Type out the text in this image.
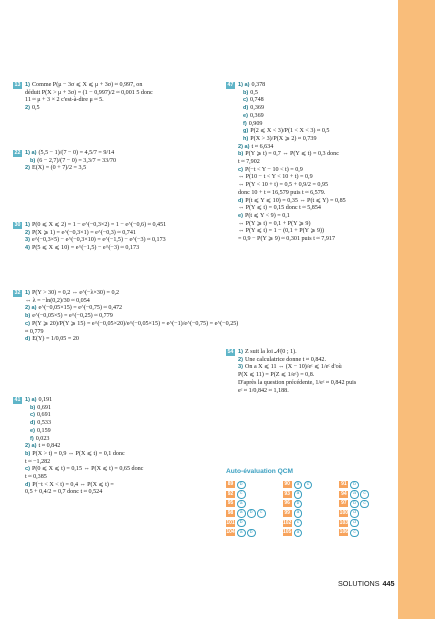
13 1) Comme P(μ − 3σ ⩽ X ⩽ μ + 3σ) ≈ 0,997, on
déduit P(X > μ + 3σ) = (1 − 0,997)/2 ≈ 0,001 5 donc
11 ≈ μ + 3 × 2 c'est-à-dire μ ≈ 5.
2) 0,5
22 1) a) (5,5 − 1)/(7 − 0) = 4,5/7 = 9/14
b) (6 − 2,7)/(7 − 0) = 3,3/7 = 33/70
2) E(X) = (0 + 7)/2 = 3,5
30 1) P(0 ⩽ X ⩽ 2) = 1 − e^(−0,3×2) = 1 − e^(−0,6) ≈ 0,451
2) P(X ⩾ 1) = e^(−0,3×1) = e^(−0,3) ≈ 0,741
3) e^(−0,3×5) − e^(−0,3×10) = e^(−1,5) − e^(−3) ≈ 0,173
4) P(5 ⩽ X ⩽ 10) = e^(−1,5) − e^(−3) ≈ 0,173
32 1) P(Y > 30) = 0,2 ⇔ e^(−λ×30) = 0,2
⇔ λ = −ln(0,2)/30 ≈ 0,054
2) a) e^(−0,05×15) = e^(−0,75) ≈ 0,472
b) e^(−0,05×5) = e^(−0,25) ≈ 0,779
c) P(Y ⩾ 20)/P(Y ⩾ 15) = e^(−0,05×20)/e^(−0,05×15) = e^(−1)/e^(−0,75) = e^(−0,25)
≈ 0,779
d) E(Y) = 1/0,05 = 20
41 1) a) 0,191
b) 0,691
c) 0,691
d) 0,533
e) 0,159
f) 0,023
2) a) t ≈ 0,842
b) P(X > t) = 0,9 ⇔ P(X ⩽ t) = 0,1 donc
t ≈ −1,282
c) P(0 ⩽ X ⩽ t) = 0,15 ⇔ P(X ⩽ t) = 0,65 donc
t ≈ 0,385
d) P(−t < X < t) = 0,4 ⇔ P(X ⩽ t) =
0,5 + 0,4/2 = 0,7 donc t ≈ 0,524
47 1) a) 0,378
b) 0,5
c) 0,748
d) 0,369
e) 0,369
f) 0,909
g) P(2 ⩽ X < 3)/P(1 < X < 3) ≈ 0,5
h) P(X > 3)/P(X ⩾ 2) ≈ 0,739
2) a) t ≈ 6,634
b) P(Y ⩾ t) = 0,7 ⇔ P(Y ⩽ t) = 0,3 donc
t ≈ 7,902
c) P(−t < Y − 10 < t) = 0,9
⇔ P(10 − t < Y < 10 + t) = 0,9
⇔ P(Y < 10 + t) = 0,5 + 0,9/2 = 0,95
donc 10 + t ≈ 16,579 puis t ≈ 6,579.
d) P(t ⩽ Y ⩽ 10) = 0,35 ⇔ P(t ⩽ Y) = 0,85
⇔ P(Y ⩽ t) = 0,15 donc t ≈ 5,854
e) P(t ⩽ Y < 9) = 0,1
⇔ P(Y ⩾ t) = 0,1 + P(Y ⩾ 9)
⇔ P(Y ⩽ t) = 1 − (0,1 + P(Y ⩾ 9))
= 0,9 − P(Y ⩾ 9) ≈ 0,301 puis t ≈ 7,917
54 1) Z suit la loi 𝒩(0 ; 1).
2) Une calculatrice donne t ≈ 0,842.
3) On a X ⩽ 11 ⇔ (X − 10)/eᶜ ⩽ 1/eᶜ d'où
P(X ⩽ 11) = P(Z ⩽ 1/eᶜ) = 0,8.
D'après la question précédente, 1/eᶜ ≈ 0,842 puis
eᶜ ≈ 1/0,842 ≈ 1,188.
Auto-évaluation QCM
89	b	90	a	c	91	b
92	c	93	a	94	a	c
95	a	96	b	97	b	c
98	a	b	c	99	a	100	d
101	b	102	c	103	d
104	a	b	105	a	106	c
SOLUTIONS 445
